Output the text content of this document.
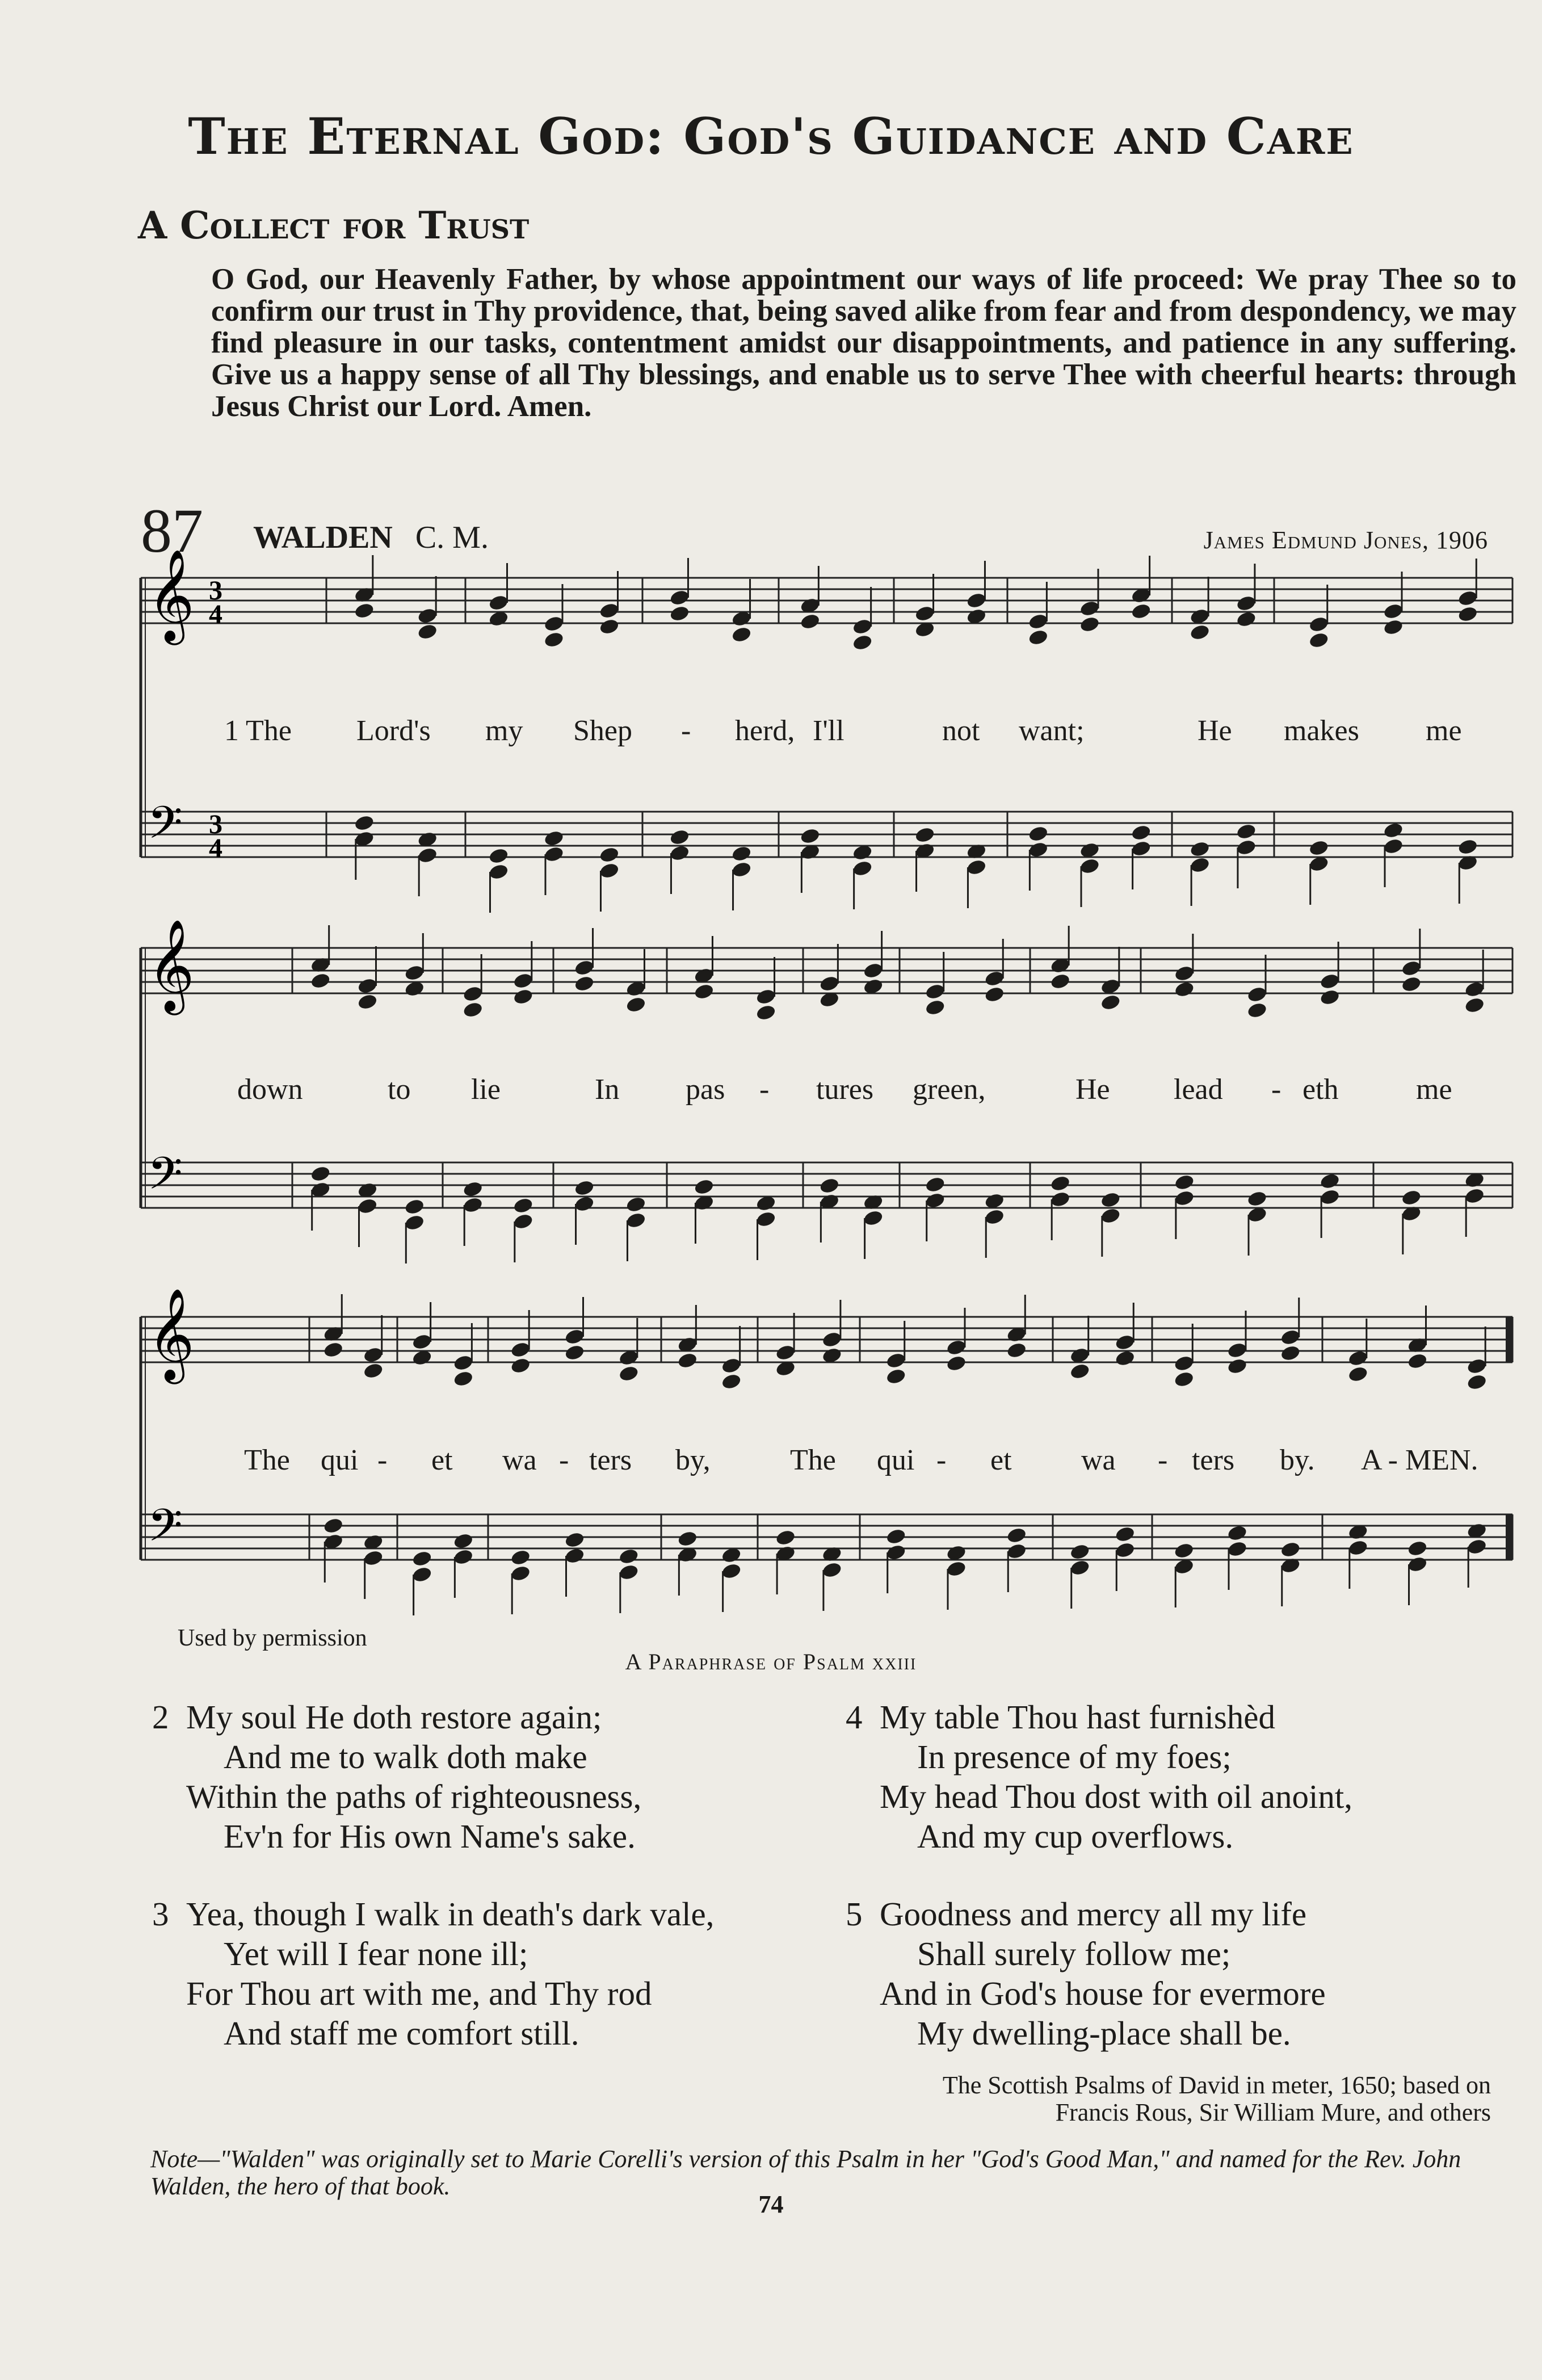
The Eternal God: God's Guidance and Care
A Collect for Trust
O God, our Heavenly Father, by whose appointment our ways of life proceed: We pray Thee so to confirm our trust in Thy providence, that, being saved alike from fear and from despondency, we may find pleasure in our tasks, contentment amidst our disappointments, and patience in any suffering. Give us a happy sense of all Thy blessings, and enable us to serve Thee with cheerful hearts: through Jesus Christ our Lord. Amen.
87 WALDEN C. M.	James Edmund Jones, 1906
𝄞 3
4
𝄢 3
4
𝄞
𝄢
𝄞
𝄢
1 The Lord's my Shep - herd, I'll	not want;	He makes me
down	to lie	In pas - tures green,	He lead - eth	me
The qui - et wa - ters by,	The qui - et wa - ters by. A - MEN.
Used by permission
A Paraphrase of Psalm xxiii
2 My soul He doth restore again;
And me to walk doth make
Within the paths of righteousness,
Ev'n for His own Name's sake.
3 Yea, though I walk in death's dark vale,
Yet will I fear none ill;
For Thou art with me, and Thy rod
And staff me comfort still.
4 My table Thou hast furnishèd
In presence of my foes;
My head Thou dost with oil anoint,
And my cup overflows.
5 Goodness and mercy all my life
Shall surely follow me;
And in God's house for evermore
My dwelling-place shall be.
The Scottish Psalms of David in meter, 1650; based on
Francis Rous, Sir William Mure, and others
Note—"Walden" was originally set to Marie Corelli's version of this Psalm in her "God's Good Man," and named for the Rev. John Walden, the hero of that book.
74
